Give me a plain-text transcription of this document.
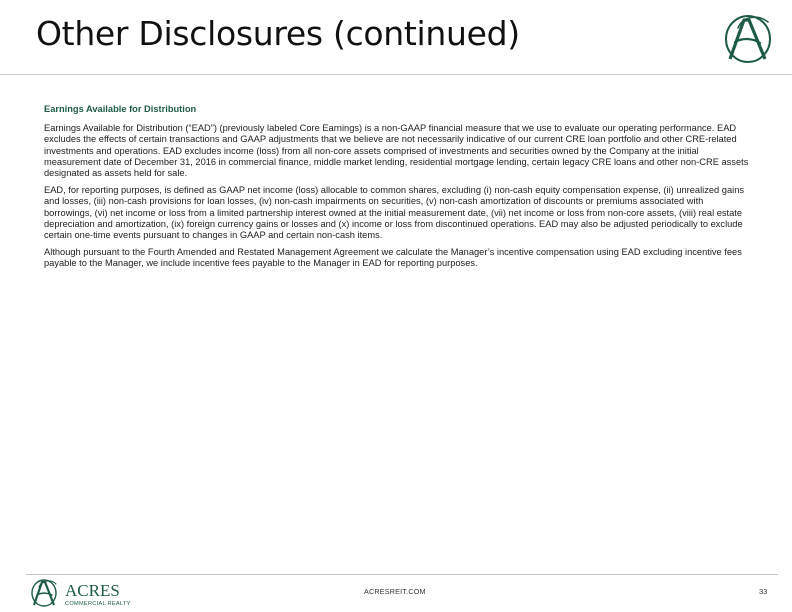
Other Disclosures (continued)
Earnings Available for Distribution

Earnings Available for Distribution (“EAD”) (previously labeled Core Earnings) is a non-GAAP financial measure that we use to evaluate our operating performance. EAD excludes the effects of certain transactions and GAAP adjustments that we believe are not necessarily indicative of our current CRE loan portfolio and other CRE-related investments and operations. EAD excludes income (loss) from all non-core assets comprised of investments and securities owned by the Company at the initial measurement date of December 31, 2016 in commercial finance, middle market lending, residential mortgage lending, certain legacy CRE loans and other non-CRE assets designated as assets held for sale.

EAD, for reporting purposes, is defined as GAAP net income (loss) allocable to common shares, excluding (i) non-cash equity compensation expense, (ii) unrealized gains and losses, (iii) non-cash provisions for loan losses, (iv) non-cash impairments on securities, (v) non-cash amortization of discounts or premiums associated with borrowings, (vi) net income or loss from a limited partnership interest owned at the initial measurement date, (vii) net income or loss from non-core assets, (viii) real estate depreciation and amortization, (ix) foreign currency gains or losses and (x) income or loss from discontinued operations. EAD may also be adjusted periodically to exclude certain one-time events pursuant to changes in GAAP and certain non-cash items.

Although pursuant to the Fourth Amended and Restated Management Agreement we calculate the Manager’s incentive compensation using EAD excluding incentive fees payable to the Manager, we include incentive fees payable to the Manager in EAD for reporting purposes.

ACRES
COMMERCIAL REALTY
ACRESREIT.COM	33
